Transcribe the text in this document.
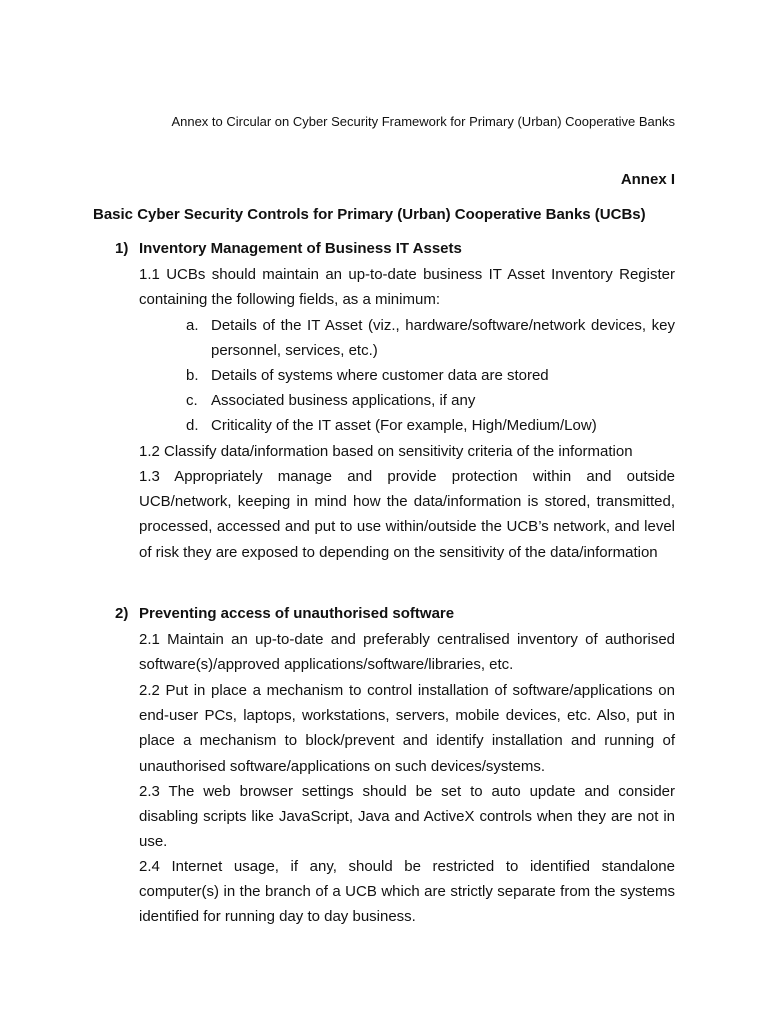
Annex to Circular on Cyber Security Framework for Primary (Urban) Cooperative Banks
Annex I
Basic Cyber Security Controls for Primary (Urban) Cooperative Banks (UCBs)
1) Inventory Management of Business IT Assets
1.1 UCBs should maintain an up-to-date business IT Asset Inventory Register containing the following fields, as a minimum:
a. Details of the IT Asset (viz., hardware/software/network devices, key personnel, services, etc.)
b. Details of systems where customer data are stored
c. Associated business applications, if any
d. Criticality of the IT asset (For example, High/Medium/Low)
1.2 Classify data/information based on sensitivity criteria of the information
1.3 Appropriately manage and provide protection within and outside UCB/network, keeping in mind how the data/information is stored, transmitted, processed, accessed and put to use within/outside the UCB’s network, and level of risk they are exposed to depending on the sensitivity of the data/information
2) Preventing access of unauthorised software
2.1 Maintain an up-to-date and preferably centralised inventory of authorised software(s)/approved applications/software/libraries, etc.
2.2 Put in place a mechanism to control installation of software/applications on end-user PCs, laptops, workstations, servers, mobile devices, etc. Also, put in place a mechanism to block/prevent and identify installation and running of unauthorised software/applications on such devices/systems.
2.3 The web browser settings should be set to auto update and consider disabling scripts like JavaScript, Java and ActiveX controls when they are not in use.
2.4 Internet usage, if any, should be restricted to identified standalone computer(s) in the branch of a UCB which are strictly separate from the systems identified for running day to day business.
